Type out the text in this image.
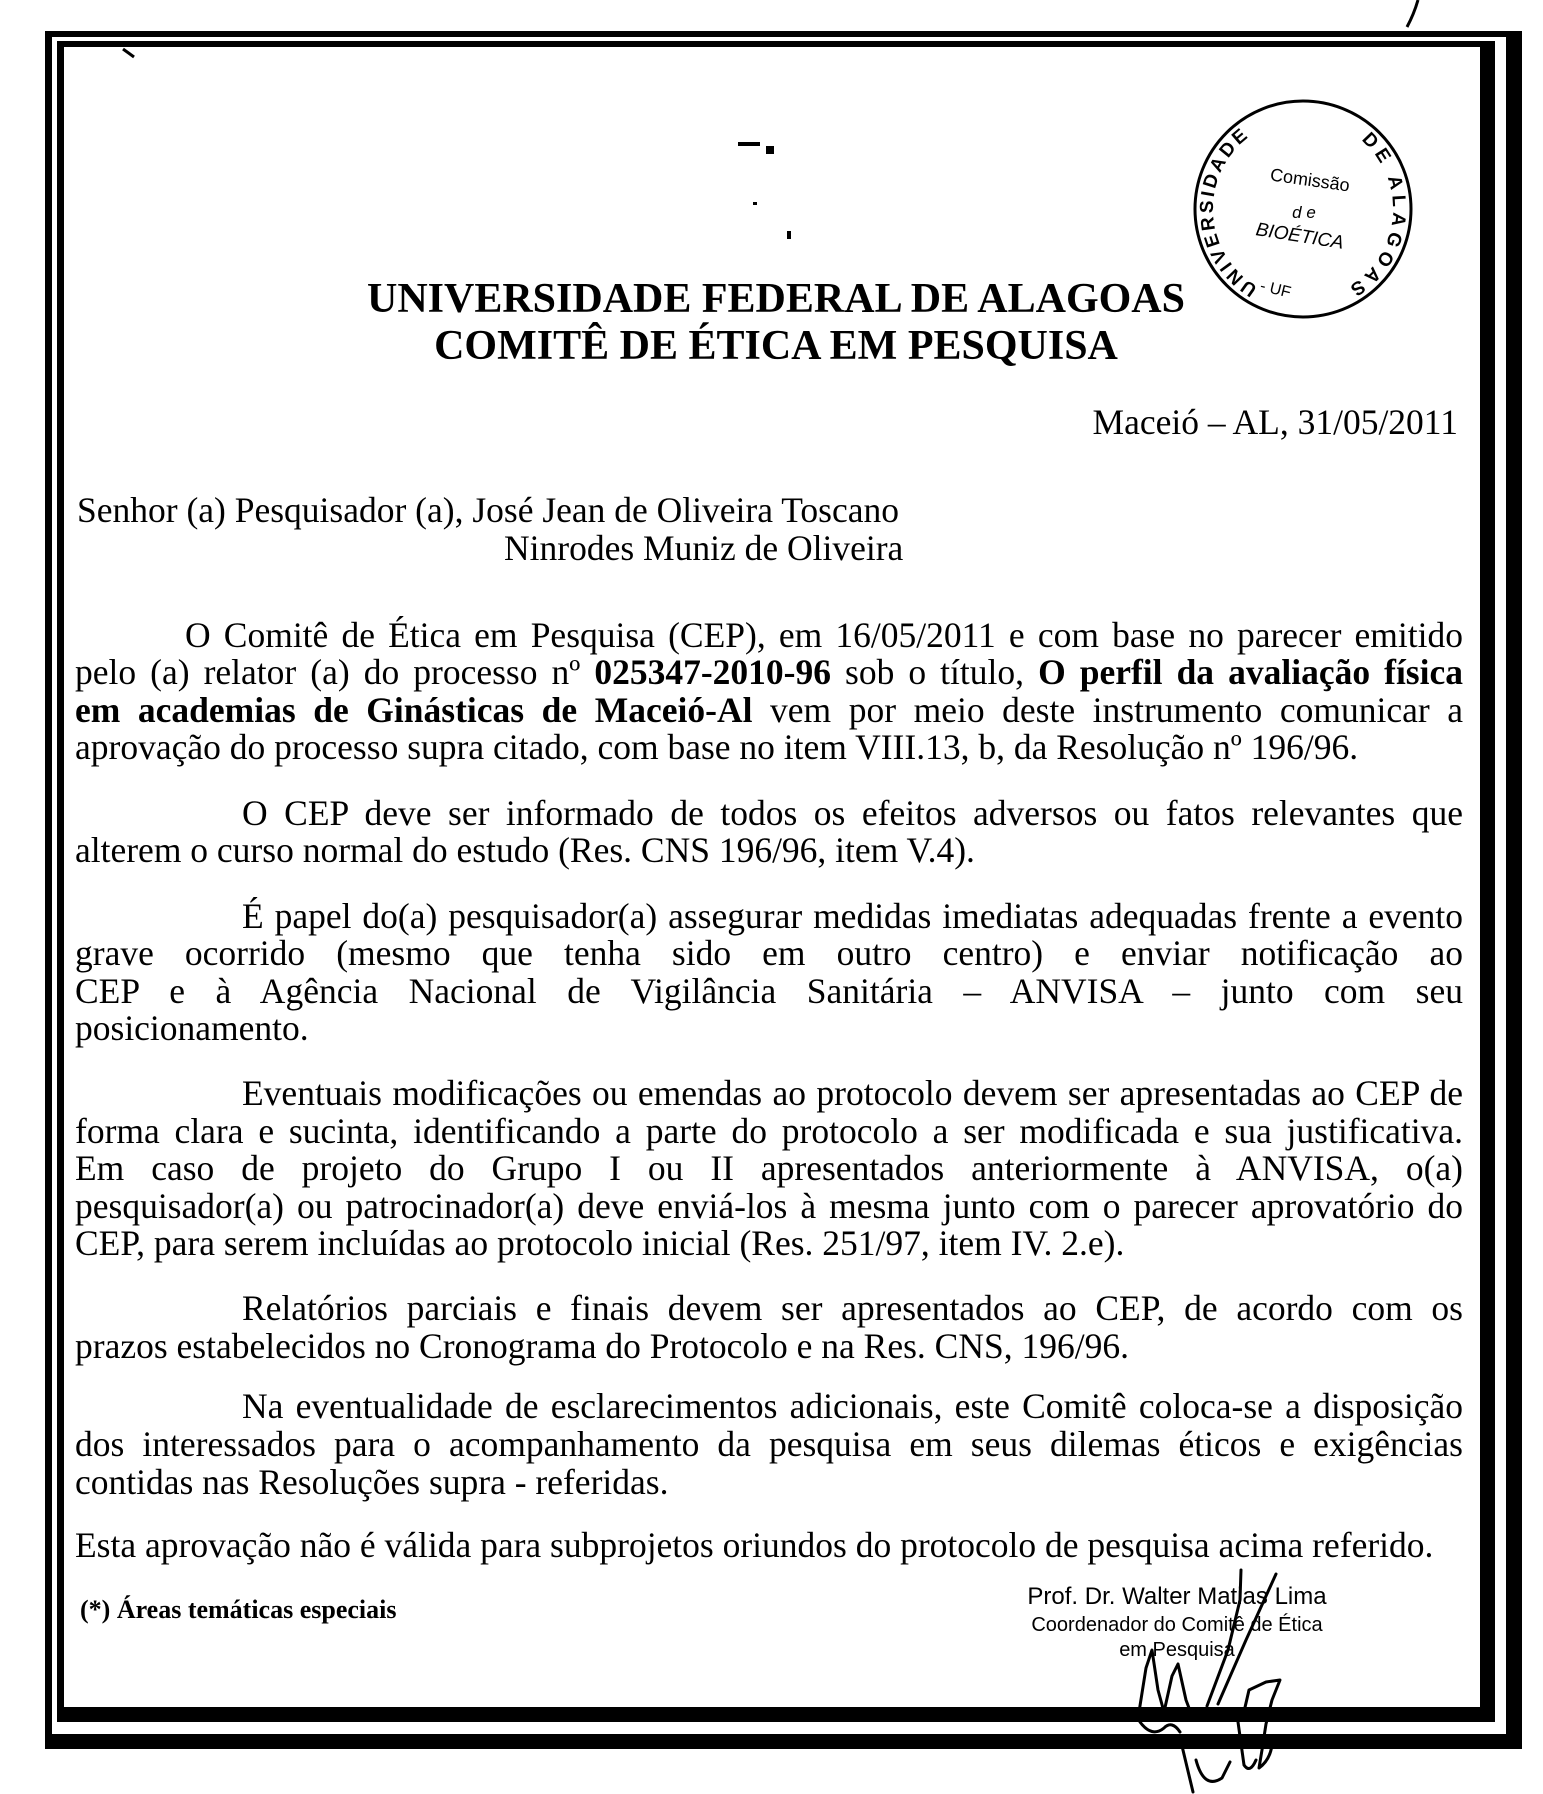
UNIVERSIDADE FEDERAL DE ALAGOAS
COMITÊ DE ÉTICA EM PESQUISA
UNIVERSIDADE	DE ALAGOAS
- UF
Comissão
d e
BIOÉTICA
Maceió – AL, 31/05/2011
Senhor (a) Pesquisador (a), José Jean de Oliveira Toscano
Ninrodes Muniz de Oliveira
O Comitê de Ética em Pesquisa (CEP), em 16/05/2011 e com base no parecer emitido
pelo (a) relator (a) do processo nº 025347-2010-96 sob o título, O perfil da avaliação física
em academias de Ginásticas de Maceió-Al vem por meio deste instrumento comunicar a
aprovação do processo supra citado, com base no item VIII.13, b, da Resolução nº 196/96.
O CEP deve ser informado de todos os efeitos adversos ou fatos relevantes que
alterem o curso normal do estudo (Res. CNS 196/96, item V.4).
É papel do(a) pesquisador(a) assegurar medidas imediatas adequadas frente a evento
grave ocorrido (mesmo que tenha sido em outro centro) e enviar notificação ao
CEP e à Agência Nacional de Vigilância Sanitária – ANVISA – junto com seu
posicionamento.
Eventuais modificações ou emendas ao protocolo devem ser apresentadas ao CEP de
forma clara e sucinta, identificando a parte do protocolo a ser modificada e sua justificativa.
Em caso de projeto do Grupo I ou II apresentados anteriormente à ANVISA, o(a)
pesquisador(a) ou patrocinador(a) deve enviá-los à mesma junto com o parecer aprovatório do
CEP, para serem incluídas ao protocolo inicial (Res. 251/97, item IV. 2.e).
Relatórios parciais e finais devem ser apresentados ao CEP, de acordo com os
prazos estabelecidos no Cronograma do Protocolo e na Res. CNS, 196/96.
Na eventualidade de esclarecimentos adicionais, este Comitê coloca-se a disposição
dos interessados para o acompanhamento da pesquisa em seus dilemas éticos e exigências
contidas nas Resoluções supra - referidas.
Esta aprovação não é válida para subprojetos oriundos do protocolo de pesquisa acima referido.
(*) Áreas temáticas especiais	Prof. Dr. Walter Matias Lima
Coordenador do Comitê de Ética
em Pesquisa
